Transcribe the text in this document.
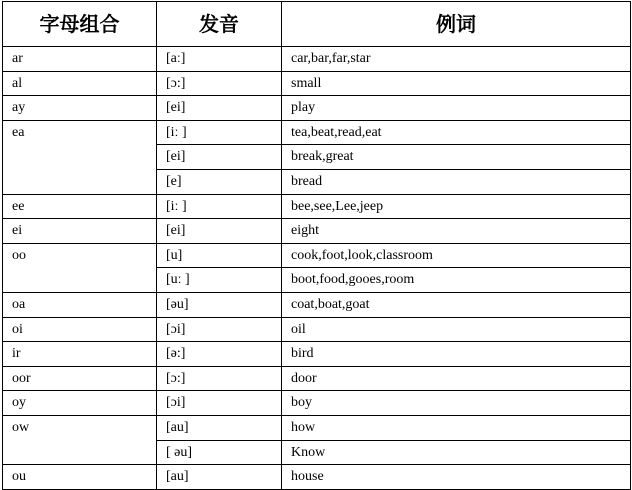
字母组合	发音	例词
ar	[aː]	car,bar,far,star
al	[ɔ:]	small
ay	[ei]	play
ea	[iː ]	tea,beat,read,eat
	[ei]	break,great
	[e]	bread
ee	[iː ]	bee,see,Lee,jeep
ei	[ei]	eight
oo	[u]	cook,foot,look,classroom
	[uː ]	boot,food,gooes,room
oa	[əu]	coat,boat,goat
oi	[ɔi]	oil
ir	[ə:]	bird
oor	[ɔ:]	door
oy	[ɔi]	boy
ow	[au]	how
	[ əu]	Know
ou	[au]	house
